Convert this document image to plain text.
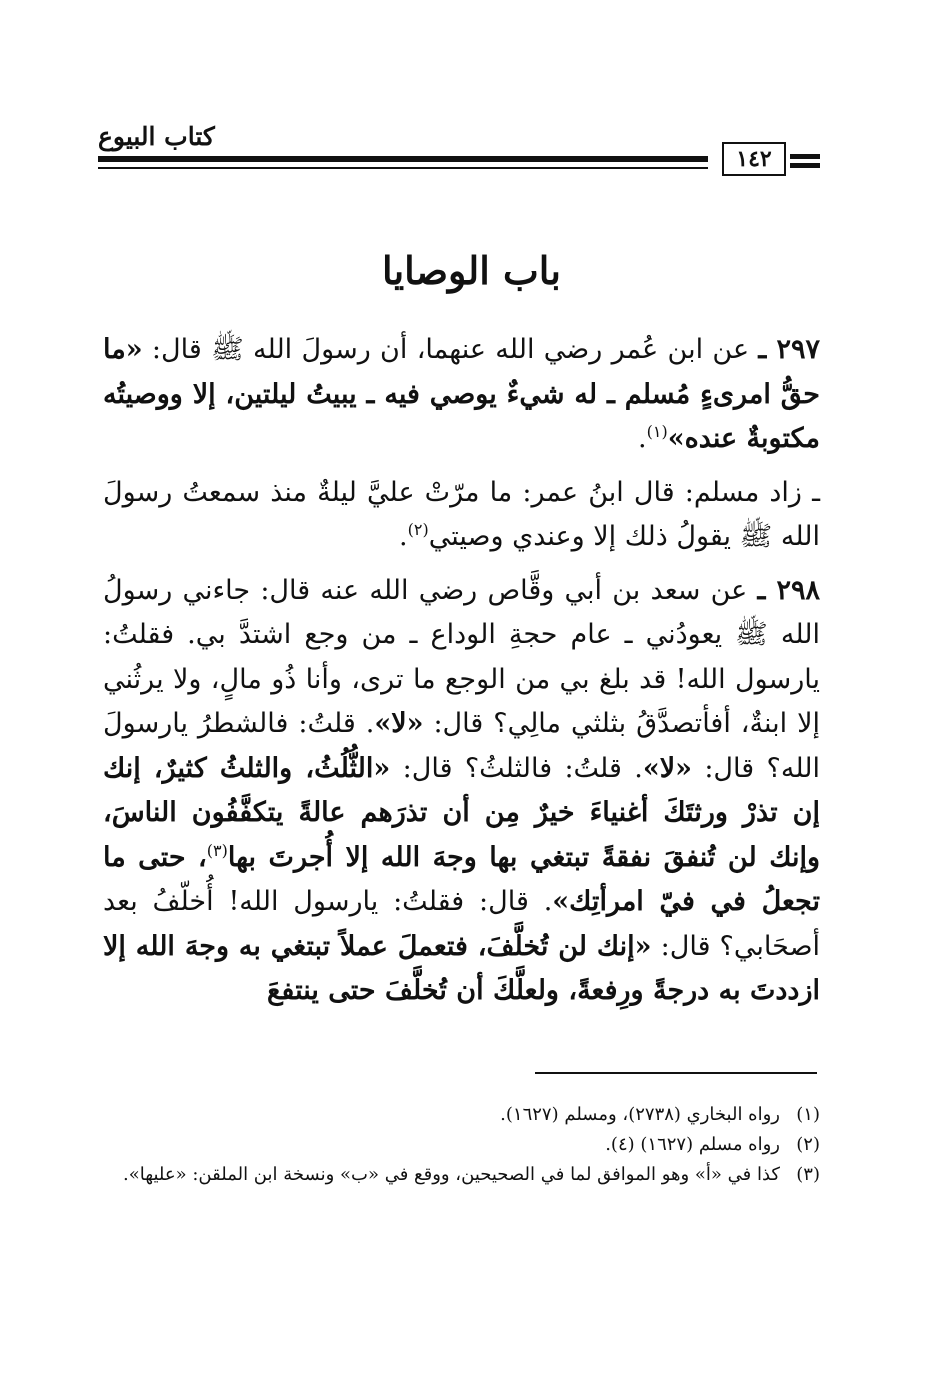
كتاب البيوع
١٤٢
باب الوصايا

٢٩٧ ـ عن ابن عُمر رضي الله عنهما، أن رسولَ الله ﷺ قال: «ما حقُّ امرىءٍ مُسلم ـ له شيءٌ يوصي فيه ـ يبيتُ ليلتين، إلا ووصيتُه مكتوبةٌ عنده»$^{(١)}$.

ـ زاد مسلم: قال ابنُ عمر: ما مرّتْ عليَّ ليلةٌ منذ سمعتُ رسولَ الله ﷺ يقولُ ذلك إلا وعندي وصيتي$^{(٢)}$.

٢٩٨ ـ عن سعد بن أبي وقَّاص رضي الله عنه قال: جاءني رسولُ الله ﷺ يعودُني ـ عام حجةِ الوداع ـ من وجع اشتدَّ بي. فقلتُ: يارسول الله! قد بلغ بي من الوجع ما ترى، وأنا ذُو مالٍ، ولا يرثُني إلا ابنةٌ، أفأتصدَّقُ بثلثي مالِي؟ قال: «لا». قلتُ: فالشطرُ يارسولَ الله؟ قال: «لا». قلتُ: فالثلثُ؟ قال: «الثُّلُثُ، والثلثُ كثيرٌ، إنك إن تذرْ ورثتَكَ أغنياءَ خيرٌ مِن أن تذرَهم عالةً يتكفَّفُون الناسَ، وإنك لن تُنفقَ نفقةً تبتغي بها وجهَ الله إلا أُجرتَ بها$^{(٣)}$، حتى ما تجعلُ في فيّ امرأتِك». قال: فقلتُ: يارسول الله! أُخلّفُ بعد أصحَابي؟ قال: «إنك لن تُخلَّفَ، فتعملَ عملاً تبتغي به وجهَ الله إلا ازددتَ به درجةً ورِفعةً، ولعلَّكَ أن تُخلَّفَ حتى ينتفعَ

(١)
رواه البخاري (٢٧٣٨)، ومسلم (١٦٢٧).

(٢)
رواه مسلم (١٦٢٧) (٤).

(٣)
كذا في «أ» وهو الموافق لما في الصحيحين، ووقع في «ب» ونسخة ابن الملقن: «عليها».
